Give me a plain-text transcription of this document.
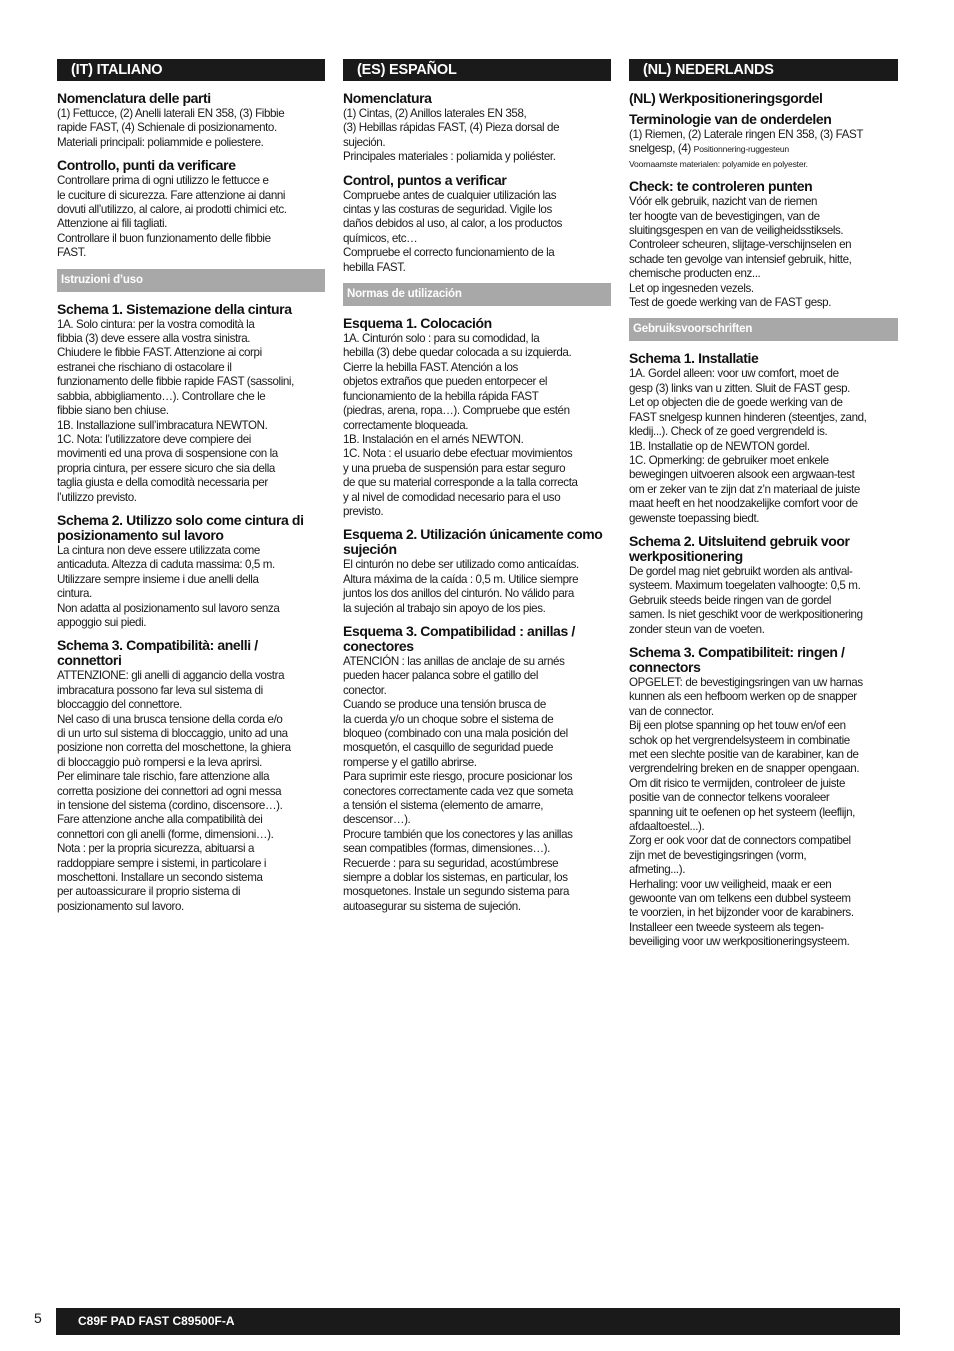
(IT) ITALIANO
Nomenclatura delle parti
(1) Fettucce, (2) Anelli laterali EN 358, (3) Fibbie
rapide FAST, (4) Schienale di posizionamento.
Materiali principali: poliammide e poliestere.
Controllo, punti da verificare
Controllare prima di ogni utilizzo le fettucce e
le cuciture di sicurezza. Fare attenzione ai danni
dovuti all’utilizzo, al calore, ai prodotti chimici etc.
Attenzione ai fili tagliati.
Controllare il buon funzionamento delle fibbie
FAST.
Istruzioni d’uso
Schema 1. Sistemazione della cintura
1A. Solo cintura: per la vostra comodità la
fibbia (3) deve essere alla vostra sinistra.
Chiudere le fibbie FAST. Attenzione ai corpi
estranei che rischiano di ostacolare il
funzionamento delle fibbie rapide FAST (sassolini,
sabbia, abbigliamento…). Controllare che le
fibbie siano ben chiuse.
1B. Installazione sull’imbracatura NEWTON.
1C. Nota: l’utilizzatore deve compiere dei
movimenti ed una prova di sospensione con la
propria cintura, per essere sicuro che sia della
taglia giusta e della comodità necessaria per
l’utilizzo previsto.
Schema 2. Utilizzo solo come cintura di posizionamento sul lavoro
La cintura non deve essere utilizzata come
anticaduta. Altezza di caduta massima: 0,5 m.
Utilizzare sempre insieme i due anelli della
cintura.
Non adatta al posizionamento sul lavoro senza
appoggio sui piedi.
Schema 3. Compatibilità: anelli / connettori
ATTENZIONE: gli anelli di aggancio della vostra
imbracatura possono far leva sul sistema di
bloccaggio del connettore.
Nel caso di una brusca tensione della corda e/o
di un urto sul sistema di bloccaggio, unito ad una
posizione non corretta del moschettone, la ghiera
di bloccaggio può rompersi e la leva aprirsi.
Per eliminare tale rischio, fare attenzione alla
corretta posizione dei connettori ad ogni messa
in tensione del sistema (cordino, discensore…).
Fare attenzione anche alla compatibilità dei
connettori con gli anelli (forme, dimensioni…).
Nota : per la propria sicurezza, abituarsi a
raddoppiare sempre i sistemi, in particolare i
moschettoni. Installare un secondo sistema
per autoassicurare il proprio sistema di
posizionamento sul lavoro.
(ES) ESPAÑOL
Nomenclatura
(1) Cintas, (2) Anillos laterales EN 358,
(3) Hebillas rápidas FAST, (4) Pieza dorsal de
sujeción.
Principales materiales : poliamida y poliéster.
Control, puntos a verificar
Compruebe antes de cualquier utilización las
cintas y las costuras de seguridad. Vigile los
daños debidos al uso, al calor, a los productos
químicos, etc…
Compruebe el correcto funcionamiento de la
hebilla FAST.
Normas de utilización
Esquema 1. Colocación
1A. Cinturón solo : para su comodidad, la
hebilla (3) debe quedar colocada a su izquierda.
Cierre la hebilla FAST. Atención a los
objetos extraños que pueden entorpecer el
funcionamiento de la hebilla rápida FAST
(piedras, arena, ropa…). Compruebe que estén
correctamente bloqueada.
1B. Instalación en el arnés NEWTON.
1C. Nota : el usuario debe efectuar movimientos
y una prueba de suspensión para estar seguro
de que su material corresponde a la talla correcta
y al nivel de comodidad necesario para el uso
previsto.
Esquema 2. Utilización únicamente como sujeción
El cinturón no debe ser utilizado como anticaídas.
Altura máxima de la caída : 0,5 m. Utilice siempre
juntos los dos anillos del cinturón. No válido para
la sujeción al trabajo sin apoyo de los pies.
Esquema 3. Compatibilidad : anillas / conectores
ATENCIÓN : las anillas de anclaje de su arnés
pueden hacer palanca sobre el gatillo del
conector.
Cuando se produce una tensión brusca de
la cuerda y/o un choque sobre el sistema de
bloqueo (combinado con una mala posición del
mosquetón, el casquillo de seguridad puede
romperse y el gatillo abrirse.
Para suprimir este riesgo, procure posicionar los
conectores correctamente cada vez que someta
a tensión el sistema (elemento de amarre,
descensor…).
Procure también que los conectores y las anillas
sean compatibles (formas, dimensiones…).
Recuerde : para su seguridad, acostúmbrese
siempre a doblar los sistemas, en particular, los
mosquetones. Instale un segundo sistema para
autoasegurar su sistema de sujeción.
(NL) NEDERLANDS
(NL) Werkpositioneringsgordel
Terminologie van de onderdelen
(1) Riemen, (2) Laterale ringen EN 358, (3) FAST
snelgesp, (4) Positionnering-ruggesteun
Voornaamste materialen: polyamide en polyester.
Check: te controleren punten
Vóór elk gebruik, nazicht van de riemen
ter hoogte van de bevestigingen, van de
sluitingsgespen en van de veiligheidsstiksels.
Controleer scheuren, slijtage-verschijnselen en
schade ten gevolge van intensief gebruik, hitte,
chemische producten enz...
Let op ingesneden vezels.
Test de goede werking van de FAST gesp.
Gebruiksvoorschriften
Schema 1. Installatie
1A. Gordel alleen: voor uw comfort, moet de
gesp (3) links van u zitten. Sluit de FAST gesp.
Let op objecten die de goede werking van de
FAST snelgesp kunnen hinderen (steentjes, zand,
kledij...). Check of ze goed vergrendeld is.
1B. Installatie op de NEWTON gordel.
1C. Opmerking: de gebruiker moet enkele
bewegingen uitvoeren alsook een argwaan-test
om er zeker van te zijn dat z’n materiaal de juiste
maat heeft en het noodzakelijke comfort voor de
gewenste toepassing biedt.
Schema 2. Uitsluitend gebruik voor werkpositionering
De gordel mag niet gebruikt worden als antival-
systeem. Maximum toegelaten valhoogte: 0,5 m.
Gebruik steeds beide ringen van de gordel
samen. Is niet geschikt voor de werkpositionering
zonder steun van de voeten.
Schema 3. Compatibiliteit: ringen / connectors
OPGELET: de bevestigingsringen van uw harnas
kunnen als een hefboom werken op de snapper
van de connector.
Bij een plotse spanning op het touw en/of een
schok op het vergrendelsysteem in combinatie
met een slechte positie van de karabiner, kan de
vergrendelring breken en de snapper opengaan.
Om dit risico te vermijden, controleer de juiste
positie van de connector telkens vooraleer
spanning uit te oefenen op het systeem (leeflijn,
afdaaltoestel...).
Zorg er ook voor dat de connectors compatibel
zijn met de bevestigingsringen (vorm,
afmeting...).
Herhaling: voor uw veiligheid, maak er een
gewoonte van om telkens een dubbel systeem
te voorzien, in het bijzonder voor de karabiners.
Installeer een tweede systeem als tegen-
beveiliging voor uw werkpositioneringsysteem.
5	C89F PAD FAST C89500F-A
